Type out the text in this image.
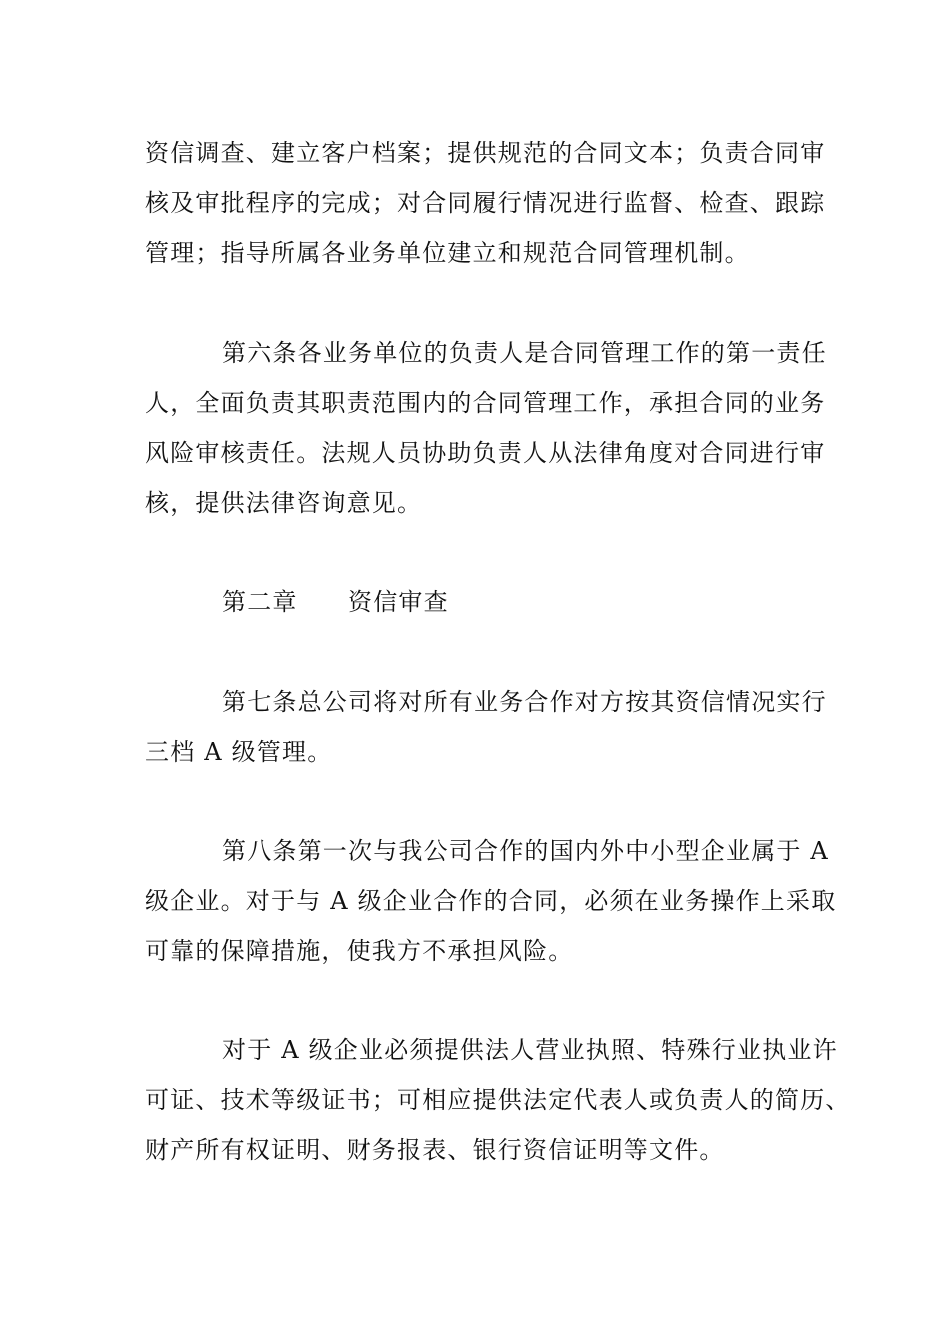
资信调查、建立客户档案；提供规范的合同文本；负责合同审
核及审批程序的完成；对合同履行情况进行监督、检查、跟踪
管理；指导所属各业务单位建立和规范合同管理机制。
第六条各业务单位的负责人是合同管理工作的第一责任
人，全面负责其职责范围内的合同管理工作，承担合同的业务
风险审核责任。法规人员协助负责人从法律角度对合同进行审
核，提供法律咨询意见。
第二章　　资信审查
第七条总公司将对所有业务合作对方按其资信情况实行
三档 A 级管理。
第八条第一次与我公司合作的国内外中小型企业属于 A
级企业。对于与 A 级企业合作的合同，必须在业务操作上采取
可靠的保障措施，使我方不承担风险。
对于 A 级企业必须提供法人营业执照、特殊行业执业许
可证、技术等级证书；可相应提供法定代表人或负责人的简历、
财产所有权证明、财务报表、银行资信证明等文件。
